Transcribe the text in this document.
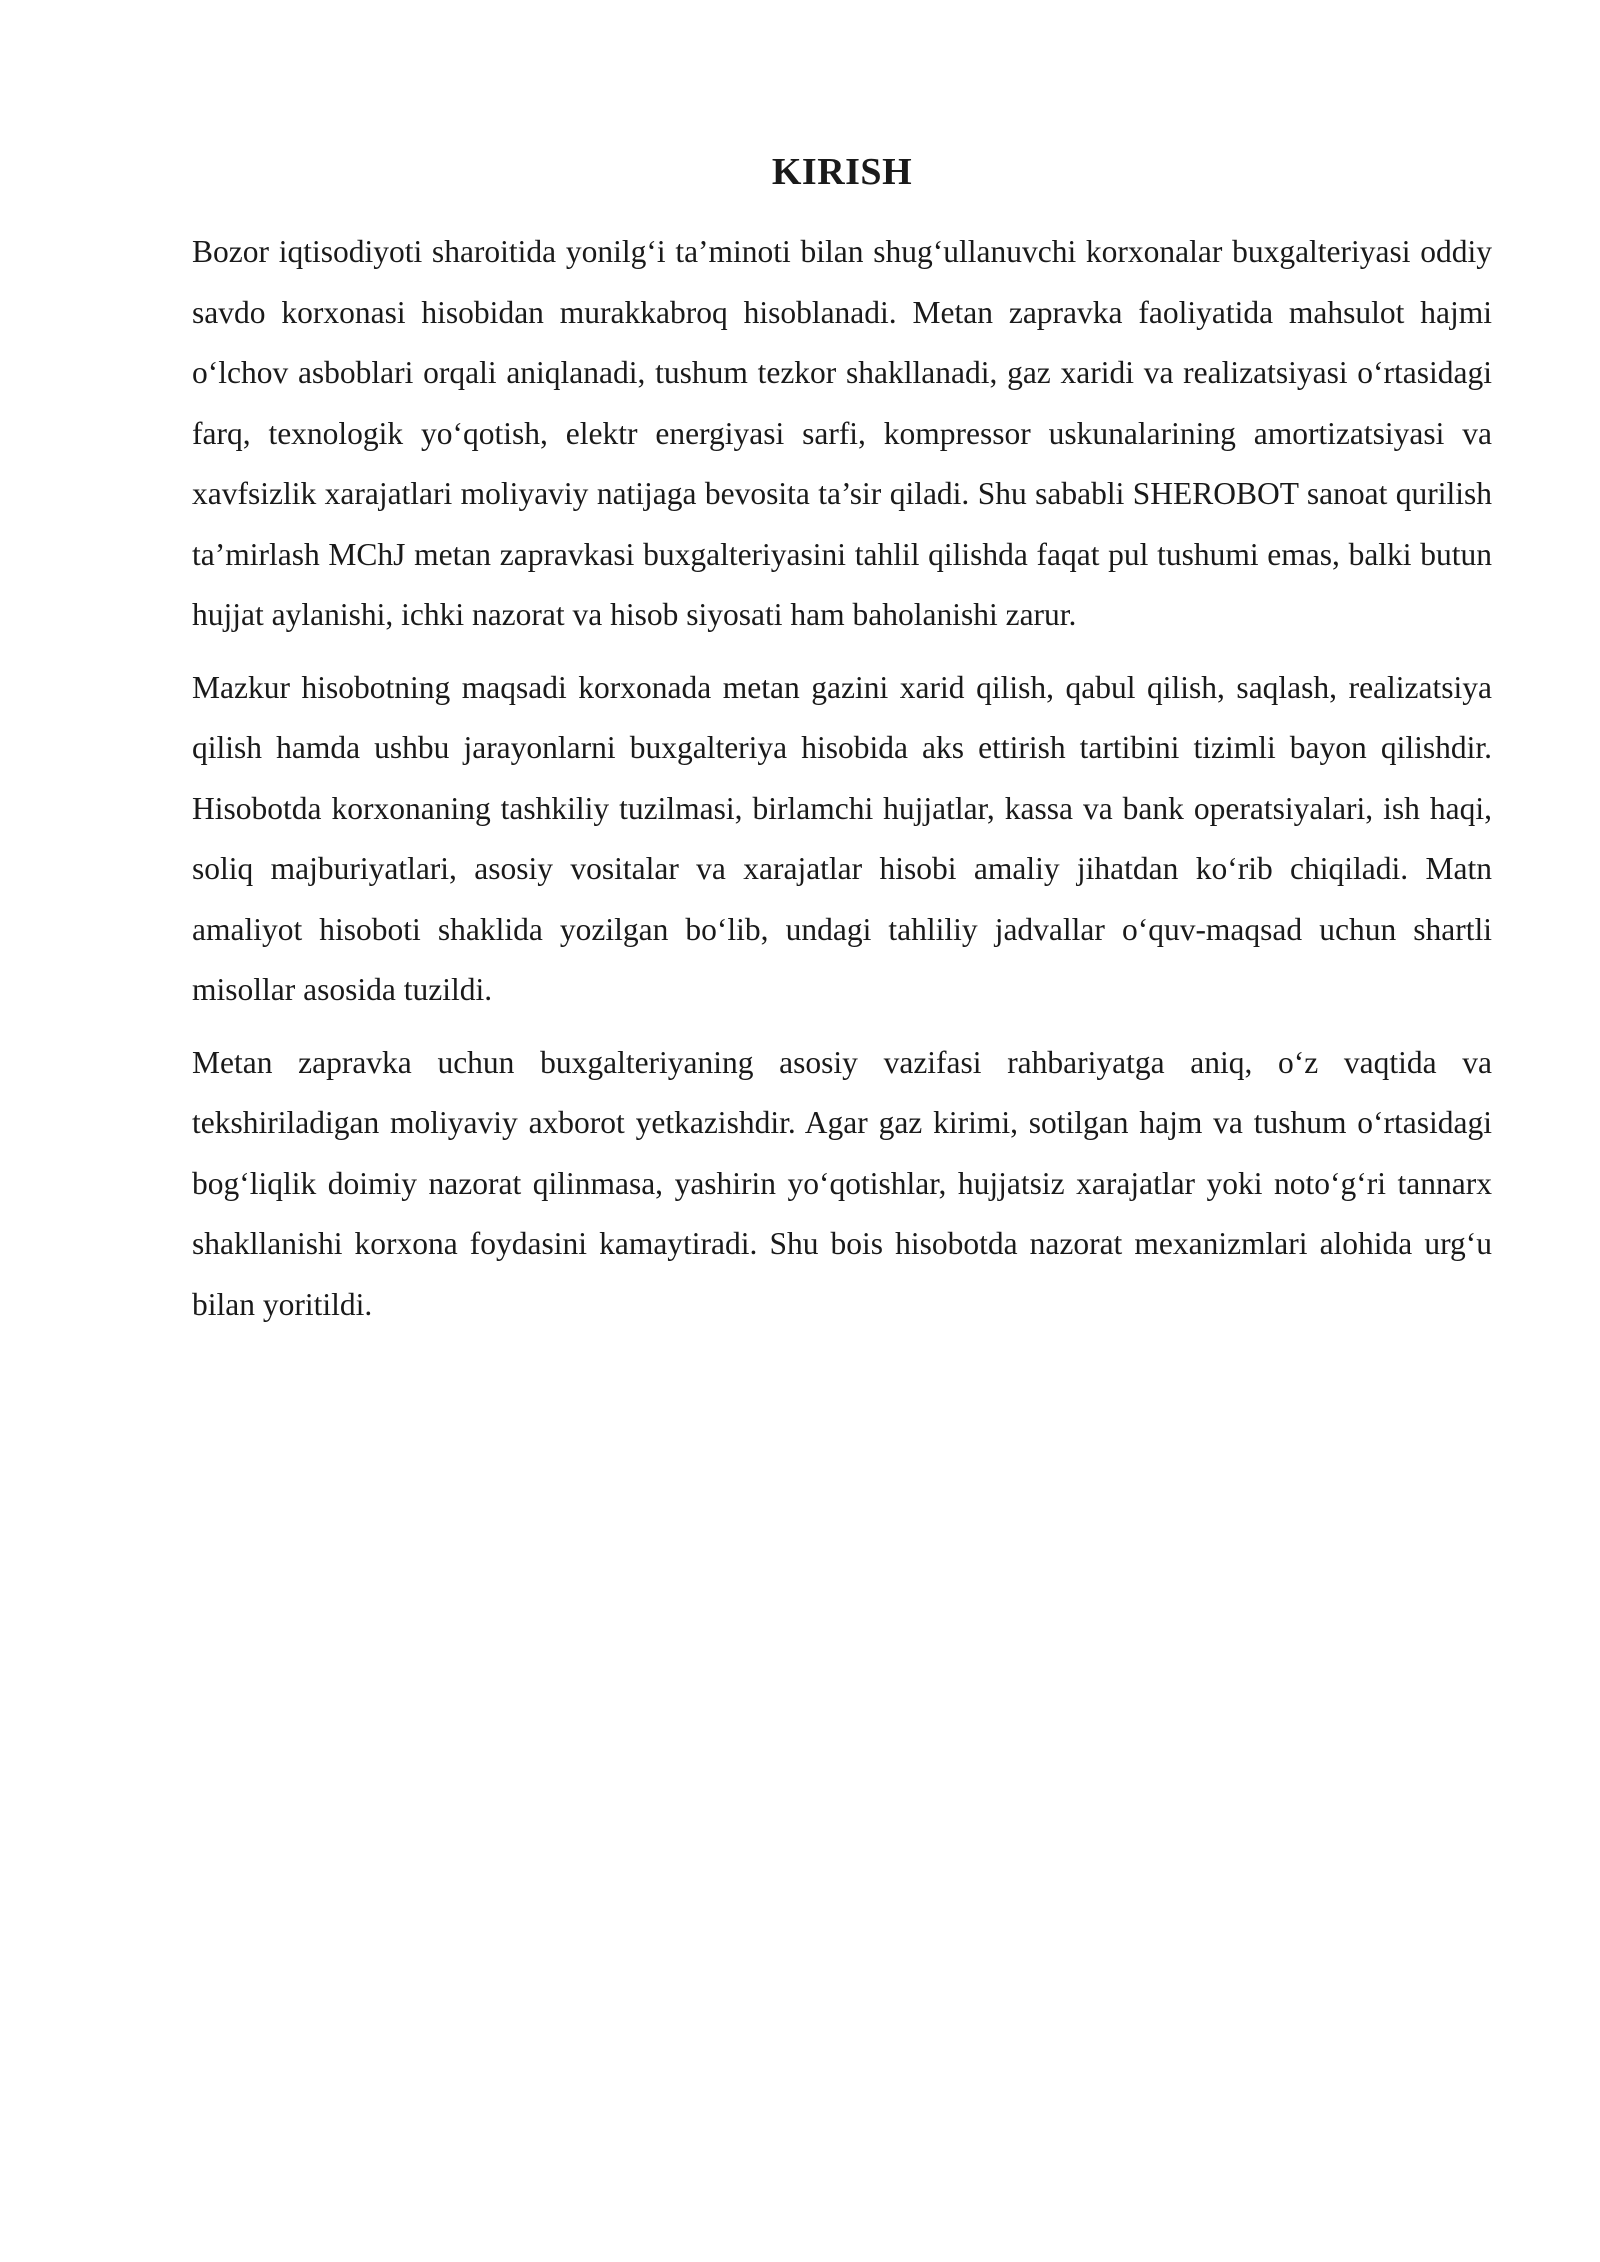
KIRISH

Bozor iqtisodiyoti sharoitida yonilg‘i ta’minoti bilan shug‘ullanuvchi korxonalar buxgalteriyasi oddiy savdo korxonasi hisobidan murakkabroq hisoblanadi. Metan zapravka faoliyatida mahsulot hajmi o‘lchov asboblari orqali aniqlanadi, tushum tezkor shakllanadi, gaz xaridi va realizatsiyasi o‘rtasidagi farq, texnologik yo‘qotish, elektr energiyasi sarfi, kompressor uskunalarining amortizatsiyasi va xavfsizlik xarajatlari moliyaviy natijaga bevosita ta’sir qiladi. Shu sababli SHEROBOT sanoat qurilish ta’mirlash MChJ metan zapravkasi buxgalteriyasini tahlil qilishda faqat pul tushumi emas, balki butun hujjat aylanishi, ichki nazorat va hisob siyosati ham baholanishi zarur.

Mazkur hisobotning maqsadi korxonada metan gazini xarid qilish, qabul qilish, saqlash, realizatsiya qilish hamda ushbu jarayonlarni buxgalteriya hisobida aks ettirish tartibini tizimli bayon qilishdir. Hisobotda korxonaning tashkiliy tuzilmasi, birlamchi hujjatlar, kassa va bank operatsiyalari, ish haqi, soliq majburiyatlari, asosiy vositalar va xarajatlar hisobi amaliy jihatdan ko‘rib chiqiladi. Matn amaliyot hisoboti shaklida yozilgan bo‘lib, undagi tahliliy jadvallar o‘quv-maqsad uchun shartli misollar asosida tuzildi.

Metan zapravka uchun buxgalteriyaning asosiy vazifasi rahbariyatga aniq, o‘z vaqtida va tekshiriladigan moliyaviy axborot yetkazishdir. Agar gaz kirimi, sotilgan hajm va tushum o‘rtasidagi bog‘liqlik doimiy nazorat qilinmasa, yashirin yo‘qotishlar, hujjatsiz xarajatlar yoki noto‘g‘ri tannarx shakllanishi korxona foydasini kamaytiradi. Shu bois hisobotda nazorat mexanizmlari alohida urg‘u bilan yoritildi.
